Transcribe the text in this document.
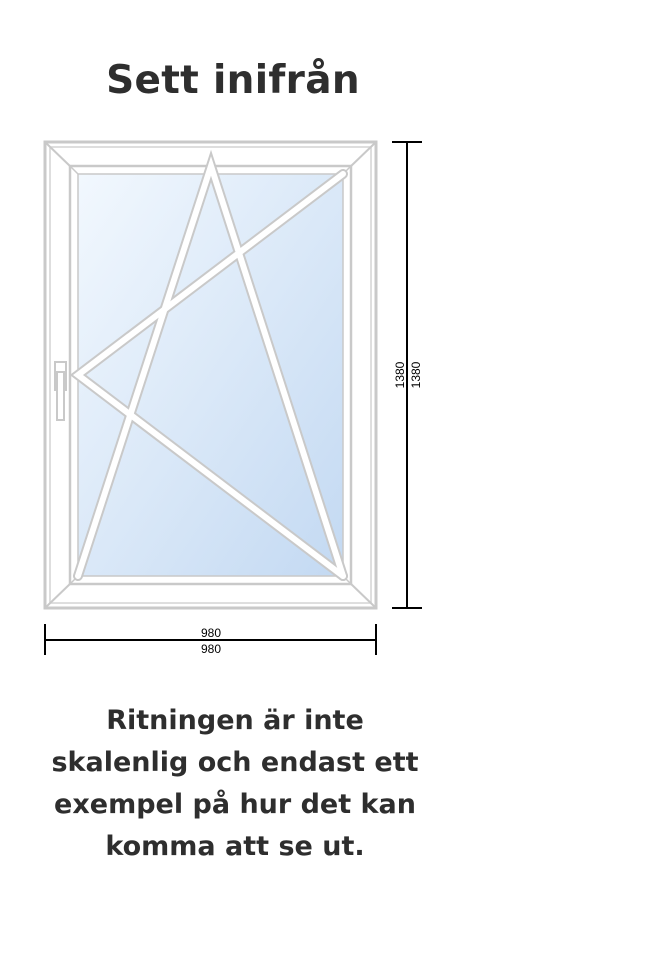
Sett inifrån
980
980
1380 1380
Ritningen är inte
skalenlig och endast ett
exempel på hur det kan
komma att se ut.
